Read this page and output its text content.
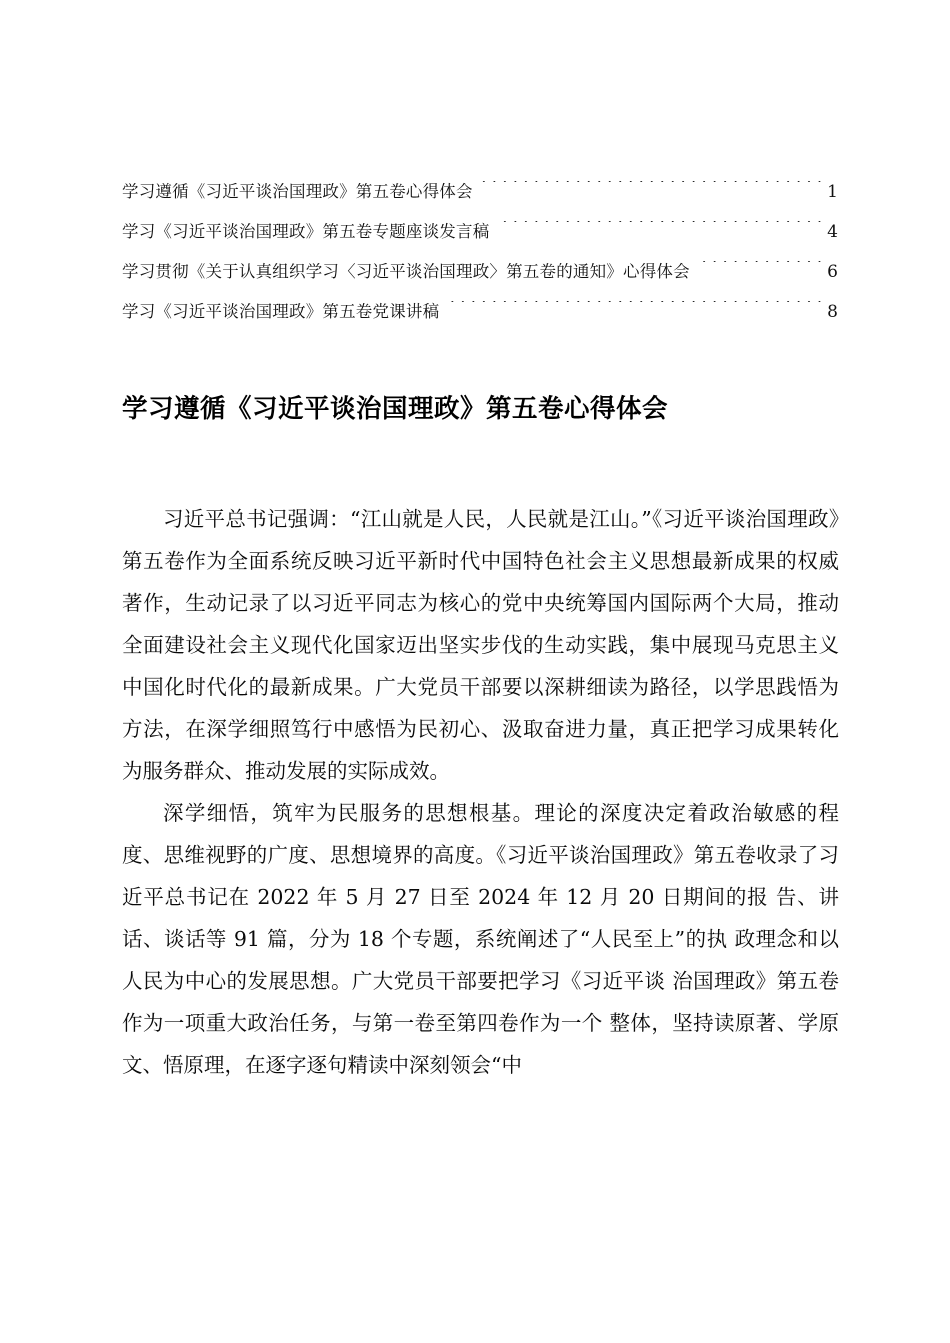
学习遵循《习近平谈治国理政》第五卷心得体会 . . .	1
学习《习近平谈治国理政》第五卷专题座谈发言稿 . . .	4
学习贯彻《关于认真组织学习〈习近平谈治国理政〉第五卷的通知》心得体会 . . .	6
学习《习近平谈治国理政》第五卷党课讲稿 . . .	8
学习遵循《习近平谈治国理政》第五卷心得体会

习近平总书记强调：“江山就是人民，人民就是江山。”《习近平谈治国理政》第五卷作为全面系统反映习近平新时代中国特色社会主义思想最新成果的权威著作，生动记录了以习近平同志为核心的党中央统筹国内国际两个大局，推动全面建设社会主义现代化国家迈出坚实步伐的生动实践，集中展现马克思主义中国化时代化的最新成果。广大党员干部要以深耕细读为路径，以学思践悟为方法，在深学细照笃行中感悟为民初心、汲取奋进力量，真正把学习成果转化为服务群众、推动发展的实际成效。

深学细悟，筑牢为民服务的思想根基。理论的深度决定着政治敏感的程度、思维视野的广度、思想境界的高度。《习近平谈治国理政》第五卷收录了习近平总书记在 2022 年 5 月 27 日至 2024 年 12 月 20 日期间的报 告、讲话、谈话等 91 篇，分为 18 个专题，系统阐述了“人民至上”的执 政理念和以人民为中心的发展思想。广大党员干部要把学习《习近平谈 治国理政》第五卷作为一项重大政治任务，与第一卷至第四卷作为一个 整体，坚持读原著、学原文、悟原理，在逐字逐句精读中深刻领会“中
